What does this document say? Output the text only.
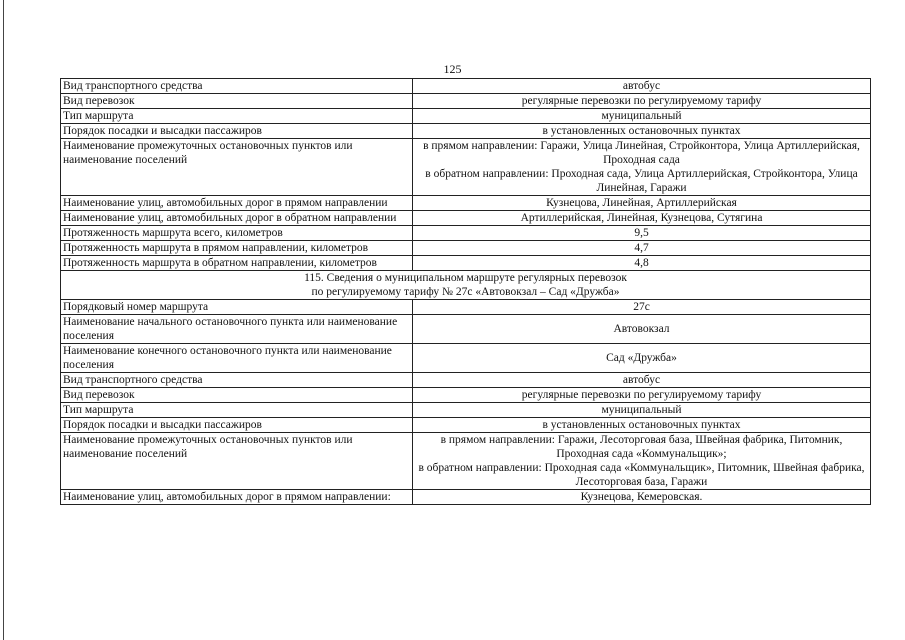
125
Вид транспортного средства	автобус

Вид перевозок	регулярные перевозки по регулируемому тарифу

Тип маршрута	муниципальный

Порядок посадки и высадки пассажиров	в установленных остановочных пунктах

Наименование промежуточных остановочных пунктов или наименование поселений	в прямом направлении: Гаражи, Улица Линейная, Стройконтора, Улица Артиллерийская, Проходная сада
в обратном направлении: Проходная сада, Улица Артиллерийская, Стройконтора, Улица Линейная, Гаражи

Наименование улиц, автомобильных дорог в прямом направлении	Кузнецова, Линейная, Артиллерийская

Наименование улиц, автомобильных дорог в обратном направлении	Артиллерийская, Линейная, Кузнецова, Сутягина

Протяженность маршрута всего, километров	9,5

Протяженность маршрута в прямом направлении, километров	4,7

Протяженность маршрута в обратном направлении, километров	4,8

115. Сведения о муниципальном маршруте регулярных перевозок
по регулируемому тарифу № 27с «Автовокзал – Сад «Дружба»	

Порядковый номер маршрута	27с

Наименование начального остановочного пункта или наименование поселения	Автовокзал

Наименование конечного остановочного пункта или наименование поселения	Сад «Дружба»

Вид транспортного средства	автобус

Вид перевозок	регулярные перевозки по регулируемому тарифу

Тип маршрута	муниципальный

Порядок посадки и высадки пассажиров	в установленных остановочных пунктах

Наименование промежуточных остановочных пунктов или наименование поселений	в прямом направлении: Гаражи, Лесоторговая база, Швейная фабрика, Питомник, Проходная сада «Коммунальщик»;
в обратном направлении: Проходная сада «Коммунальщик», Питомник, Швейная фабрика, Лесоторговая база, Гаражи

Наименование улиц, автомобильных дорог в прямом направлении:	Кузнецова, Кемеровская.
